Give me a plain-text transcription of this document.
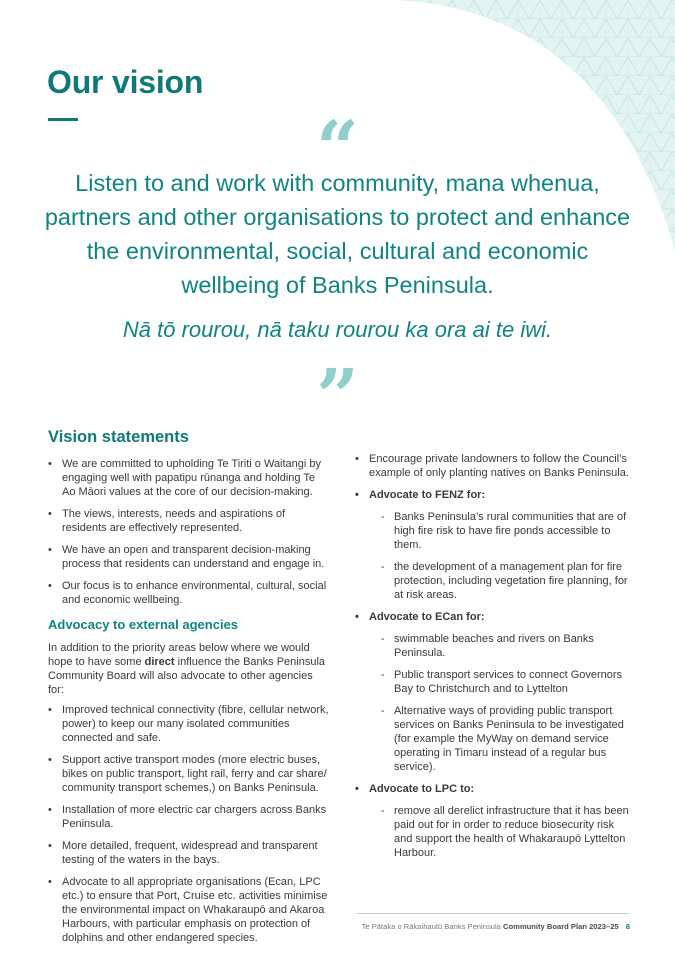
Our vision
“
Listen to and work with community, mana whenua, partners and other organisations to protect and enhance the environmental, social, cultural and economic wellbeing of Banks Peninsula.
Nā tō rourou, nā taku rourou ka ora ai te iwi.
”
Vision statements
• We are committed to upholding Te Tiriti o Waitangi by engaging well with papatipu rūnanga and holding Te Ao Māori values at the core of our decision-making.
• The views, interests, needs and aspirations of residents are effectively represented.
• We have an open and transparent decision-making process that residents can understand and engage in.
• Our focus is to enhance environmental, cultural, social and economic wellbeing.
Advocacy to external agencies

In addition to the priority areas below where we would hope to have some direct influence the Banks Peninsula Community Board will also advocate to other agencies for:

• Improved technical connectivity (fibre, cellular network, power) to keep our many isolated communities connected and safe.
• Support active transport modes (more electric buses, bikes on public transport, light rail, ferry and car share/ community transport schemes,) on Banks Peninsula.
• Installation of more electric car chargers across Banks Peninsula.
• More detailed, frequent, widespread and transparent testing of the waters in the bays.
• Advocate to all appropriate organisations (Ecan, LPC etc.) to ensure that Port, Cruise etc. activities minimise the environmental impact on Whakaraupō and Akaroa Harbours, with particular emphasis on protection of dolphins and other endangered species.
• Encourage private landowners to follow the Council’s example of only planting natives on Banks Peninsula.
• Advocate to FENZ for:
- Banks Peninsula’s rural communities that are of high fire risk to have fire ponds accessible to them.
- the development of a management plan for fire protection, including vegetation fire planning, for at risk areas.
• Advocate to ECan for:
- swimmable beaches and rivers on Banks Peninsula.
- Public transport services to connect Governors Bay to Christchurch and to Lyttelton
- Alternative ways of providing public transport services on Banks Peninsula to be investigated (for example the MyWay on demand service operating in Timaru instead of a regular bus service).
• Advocate to LPC to:
- remove all derelict infrastructure that it has been paid out for in order to reduce biosecurity risk and support the health of Whakaraupō Lyttelton Harbour.
Te Pātaka o Rākaihautū Banks Peninsula Community Board Plan 2023–25 8
